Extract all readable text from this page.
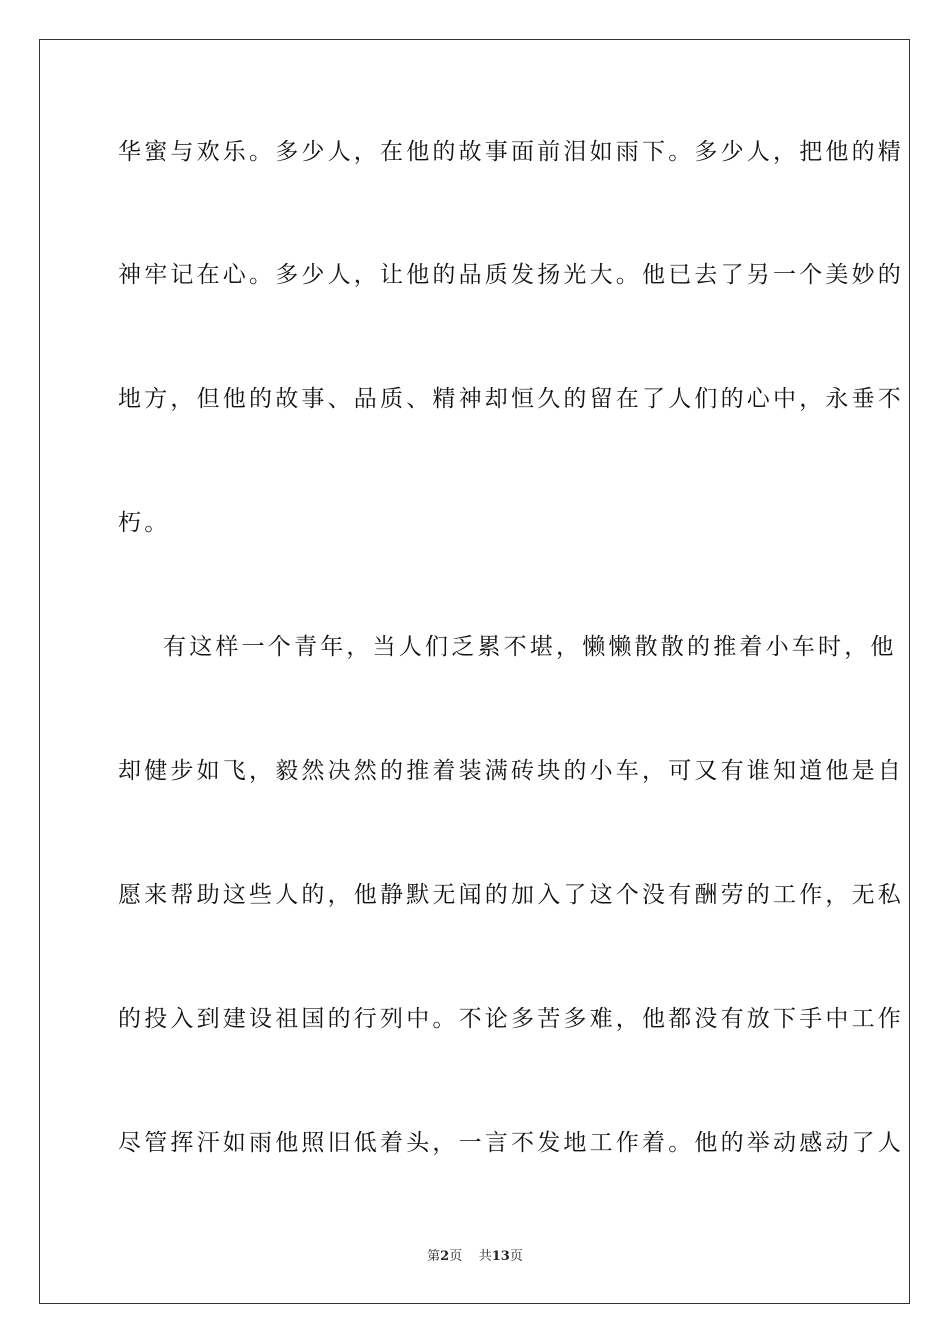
华蜜与欢乐。多少人，在他的故事面前泪如雨下。多少人，把他的精
神牢记在心。多少人，让他的品质发扬光大。他已去了另一个美妙的
地方，但他的故事、品质、精神却恒久的留在了人们的心中，永垂不
朽。
有这样一个青年，当人们乏累不堪，懒懒散散的推着小车时，他
却健步如飞，毅然决然的推着装满砖块的小车，可又有谁知道他是自
愿来帮助这些人的，他静默无闻的加入了这个没有酬劳的工作，无私
的投入到建设祖国的行列中。不论多苦多难，他都没有放下手中工作
尽管挥汗如雨他照旧低着头，一言不发地工作着。他的举动感动了人
第2页 共13页
